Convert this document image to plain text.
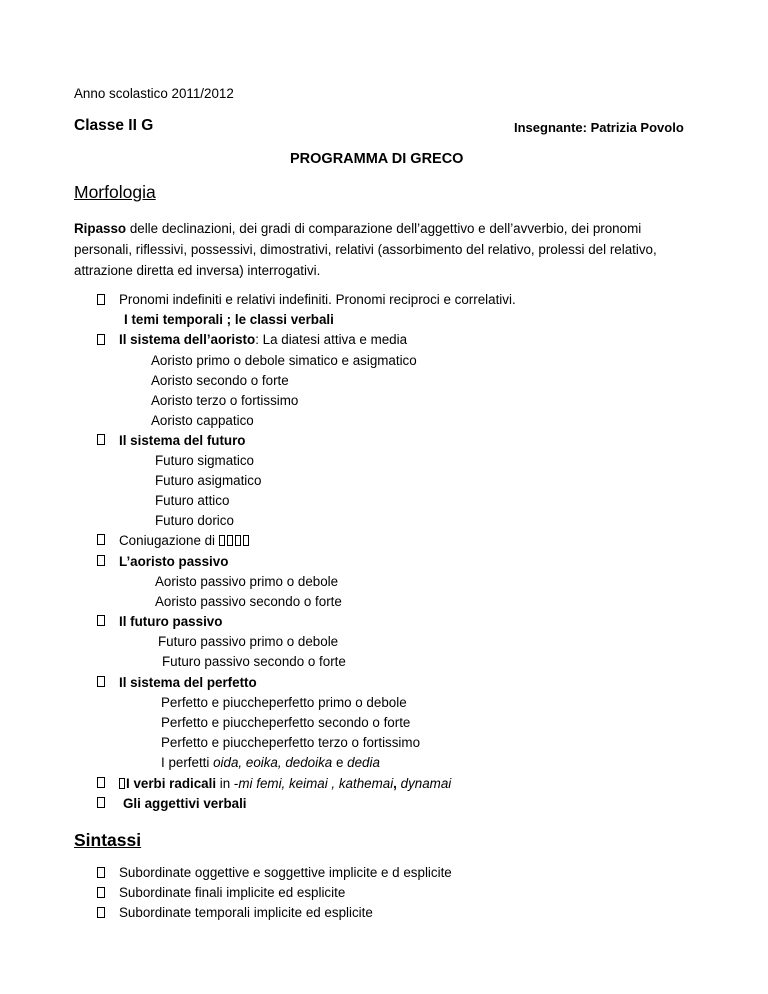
Anno scolastico 2011/2012
Classe II G	Insegnante: Patrizia Povolo
PROGRAMMA DI GRECO
Morfologia
Ripasso delle declinazioni, dei gradi di comparazione dell’aggettivo e dell’avverbio, dei pronomi personali, riflessivi, possessivi, dimostrativi, relativi (assorbimento del relativo, prolessi del relativo, attrazione diretta ed inversa) interrogativi.
Pronomi indefiniti e relativi indefiniti. Pronomi reciproci e correlativi.
I temi temporali ; le classi verbali
Il sistema dell’aoristo: La diatesi attiva e media
Aoristo primo o debole simatico e asigmatico
Aoristo secondo o forte
Aoristo terzo o fortissimo
Aoristo cappatico
Il sistema del futuro
Futuro sigmatico
Futuro asigmatico
Futuro attico
Futuro dorico
Coniugazione di
L’aoristo passivo
Aoristo passivo primo o debole
Aoristo passivo secondo o forte
Il futuro passivo
Futuro passivo primo o debole
Futuro passivo secondo o forte
Il sistema del perfetto
Perfetto e piuccheperfetto primo o debole
Perfetto e piuccheperfetto secondo o forte
Perfetto e piuccheperfetto terzo o fortissimo
I perfetti oida, eoika, dedoika e dedia
I verbi radicali in -mi femi, keimai , kathemai, dynamai
Gli aggettivi verbali
Sintassi
Subordinate oggettive e soggettive implicite e d esplicite
Subordinate finali implicite ed esplicite
Subordinate temporali implicite ed esplicite
